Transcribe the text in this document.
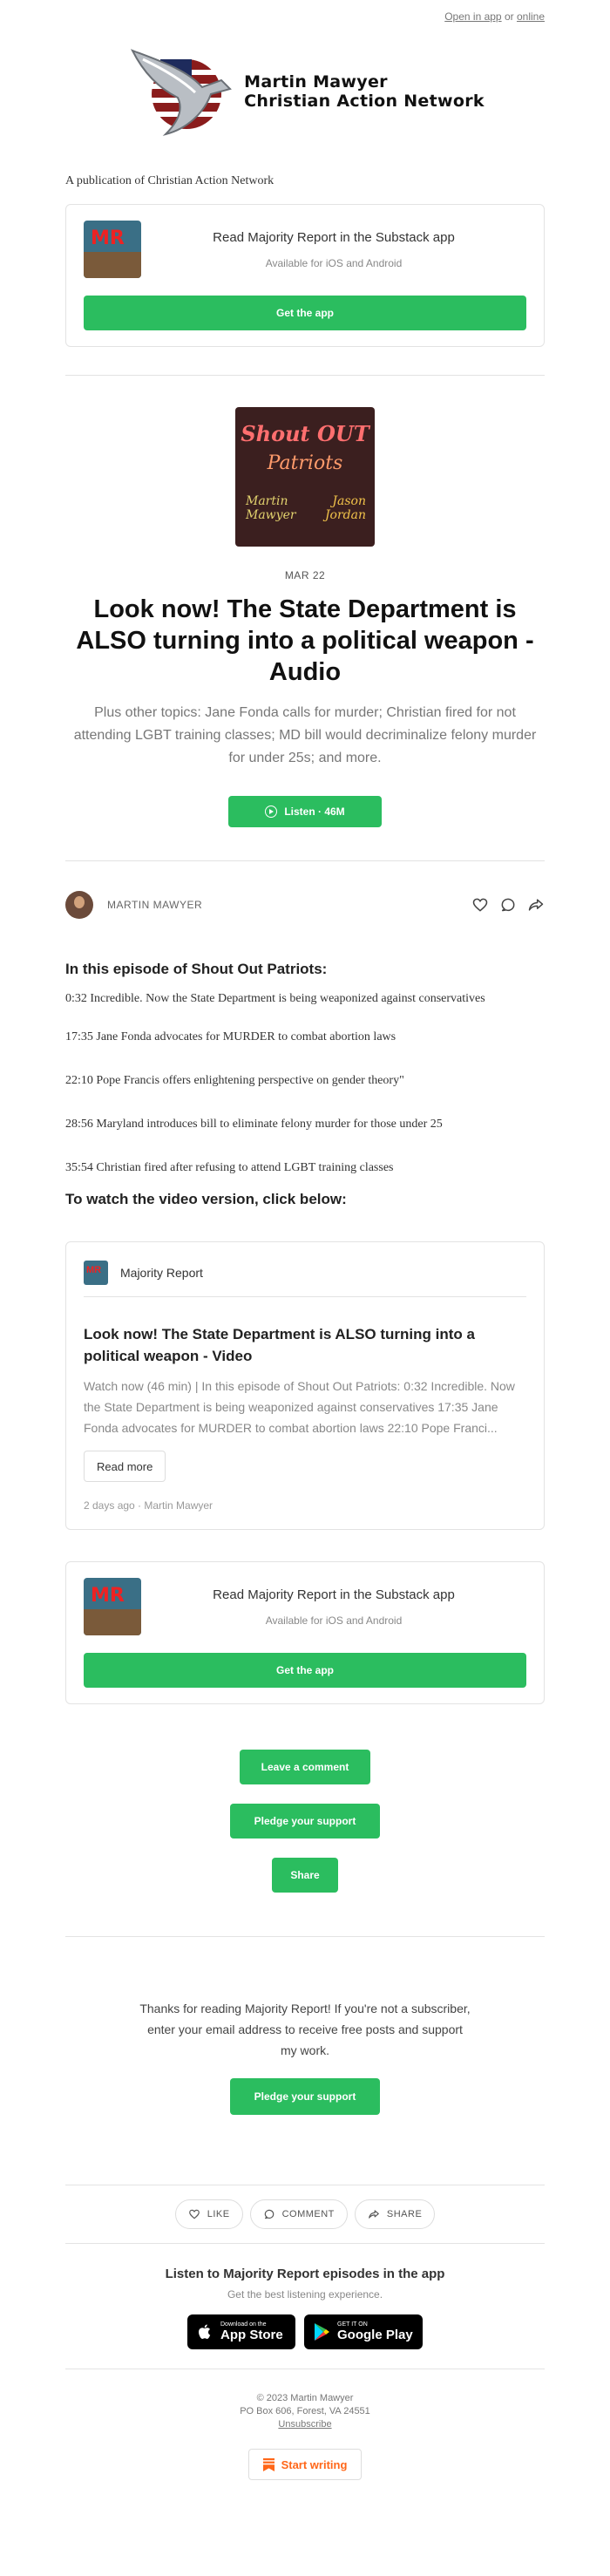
Open in app or online
Martin Mawyer
Christian Action Network
A publication of Christian Action Network
MR	Read Majority Report in the Substack app
Available for iOS and Android
Get the app
Shout OUT
Patriots
Martin
Mawyer
Jason
Jordan
MAR 22
Look now! The State Department is ALSO turning into a political weapon - Audio
Plus other topics: Jane Fonda calls for murder; Christian fired for not attending LGBT training classes; MD bill would decriminalize felony murder for under 25s; and more.
Listen · 46M
MARTIN MAWYER
In this episode of Shout Out Patriots:
0:32 Incredible. Now the State Department is being weaponized against conservatives
17:35 Jane Fonda advocates for MURDER to combat abortion laws
22:10 Pope Francis offers enlightening perspective on gender theory"
28:56 Maryland introduces bill to eliminate felony murder for those under 25
35:54 Christian fired after refusing to attend LGBT training classes
To watch the video version, click below:
MR Majority Report
Look now! The State Department is ALSO turning into a political weapon - Video
Watch now (46 min) | In this episode of Shout Out Patriots: 0:32 Incredible. Now the State Department is being weaponized against conservatives 17:35 Jane Fonda advocates for MURDER to combat abortion laws 22:10 Pope Franci...
Read more
2 days ago · Martin Mawyer
MR	Read Majority Report in the Substack app
Available for iOS and Android
Get the app
Leave a comment
Pledge your support
Share
Thanks for reading Majority Report! If you're not a subscriber, enter your email address to receive free posts and support my work.
Pledge your support
LIKE	COMMENT	SHARE
Listen to Majority Report episodes in the app
Get the best listening experience.
Download on the
App Store
GET IT ON
Google Play
© 2023 Martin Mawyer
PO Box 606, Forest, VA 24551
Unsubscribe
Start writing
